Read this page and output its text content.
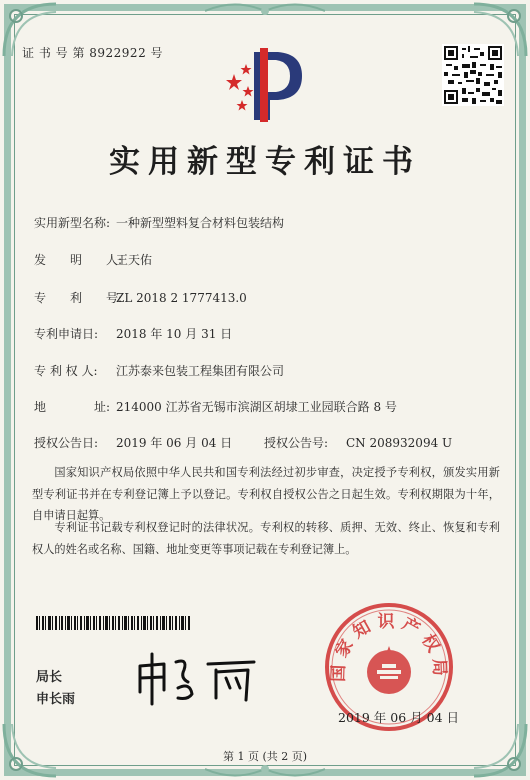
证 书 号 第 8922922 号
实用新型专利证书
实用新型名称: 一种新型塑料复合材料包装结构
发　　明　　人:王天佑
专　　利　　号:ZL 2018 2 1777413.0
专利申请日: 2018 年 10 月 31 日
专 利 权 人: 江苏泰来包装工程集团有限公司
地　　　　址: 214000 江苏省无锡市滨湖区胡埭工业园联合路 8 号
授权公告日: 2019 年 06 月 04 日	授权公告号: CN 208932094 U

国家知识产权局依照中华人民共和国专利法经过初步审查，决定授予专利权，颁发实用新型专利证书并在专利登记簿上予以登记。专利权自授权公告之日起生效。专利权期限为十年，自申请日起算。

专利证书记载专利权登记时的法律状况。专利权的转移、质押、无效、终止、恢复和专利权人的姓名或名称、国籍、地址变更等事项记载在专利登记簿上。

局长
申长雨
国家知识产权局
2019 年 06 月 04 日
第 1 页 (共 2 页)
